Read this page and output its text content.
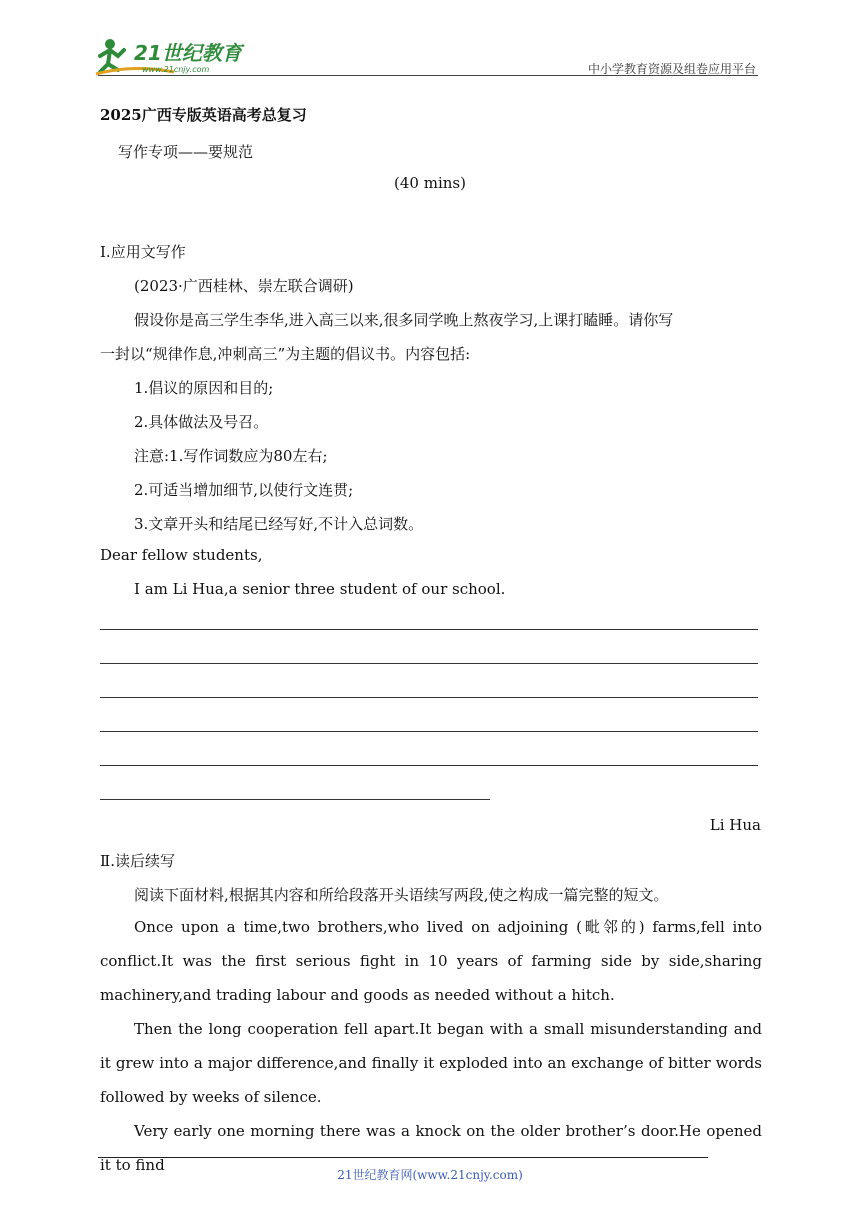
21世纪教育
www.21cnjy.com	中小学教育资源及组卷应用平台
2025广西专版英语高考总复习
写作专项——要规范
(40 mins)
Ⅰ.应用文写作
(2023·广西桂林、崇左联合调研)
假设你是高三学生李华,进入高三以来,很多同学晚上熬夜学习,上课打瞌睡。请你写
一封以“规律作息,冲刺高三”为主题的倡议书。内容包括:
1.倡议的原因和目的;
2.具体做法及号召。
注意:1.写作词数应为80左右;
2.可适当增加细节,以使行文连贯;
3.文章开头和结尾已经写好,不计入总词数。
Dear fellow students,
I am Li Hua,a senior three student of our school.
Li Hua
Ⅱ.读后续写
阅读下面材料,根据其内容和所给段落开头语续写两段,使之构成一篇完整的短文。
Once upon a time,two brothers,who lived on adjoining (毗邻的) farms,fell into conflict.It was the first serious fight in 10 years of farming side by side,sharing machinery,and trading labour and goods as needed without a hitch.
Then the long cooperation fell apart.It began with a small misunderstanding and it grew into a major difference,and finally it exploded into an exchange of bitter words followed by weeks of silence.
Very early one morning there was a knock on the older brother’s door.He opened it to find
21世纪教育网(www.21cnjy.com)
